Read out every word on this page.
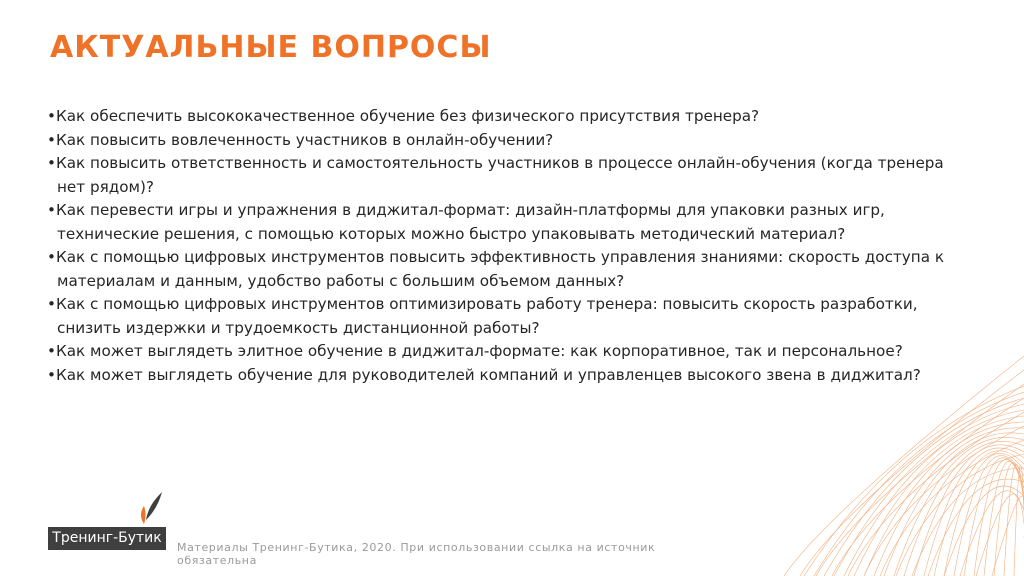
АКТУАЛЬНЫЕ ВОПРОСЫ
•Как обеспечить высококачественное обучение без физического присутствия тренера?
•Как повысить вовлеченность участников в онлайн-обучении?
•Как повысить ответственность и самостоятельность участников в процессе онлайн-обучения (когда тренера нет рядом)?
•Как перевести игры и упражнения в диджитал-формат: дизайн-платформы для упаковки разных игр, технические решения, с помощью которых можно быстро упаковывать методический материал?
•Как с помощью цифровых инструментов повысить эффективность управления знаниями: скорость доступа к материалам и данным, удобство работы с большим объемом данных?
•Как с помощью цифровых инструментов оптимизировать работу тренера: повысить скорость разработки, снизить издержки и трудоемкость дистанционной работы?
•Как может выглядеть элитное обучение в диджитал-формате: как корпоративное, так и персональное?
•Как может выглядеть обучение для руководителей компаний и управленцев высокого звена в диджитал?
Тренинг-Бутик
Материалы Тренинг-Бутика, 2020. При использовании ссылка на источник обязательна
